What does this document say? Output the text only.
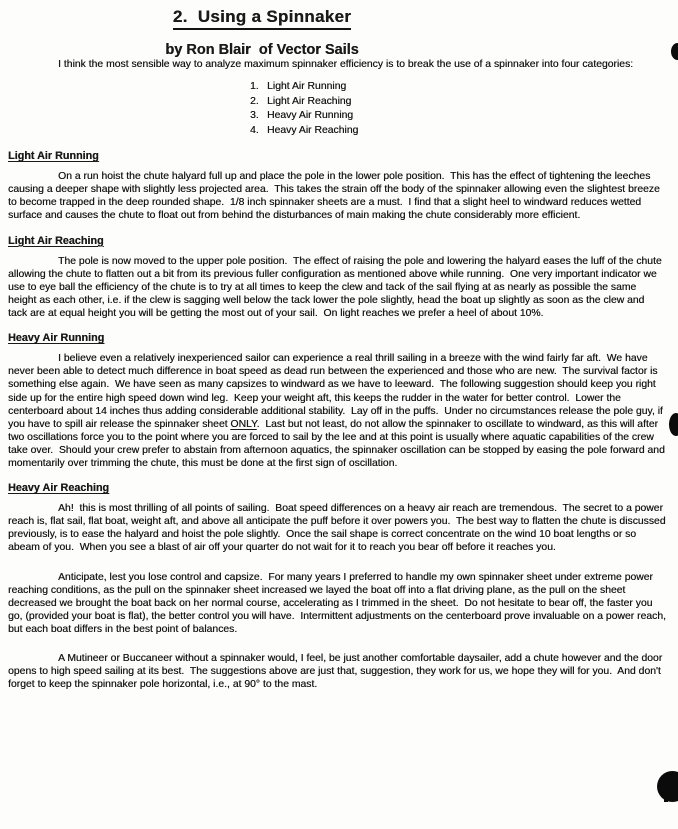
2.  Using a Spinnaker
by Ron Blair  of Vector Sails

I think the most sensible way to analyze maximum spinnaker efficiency is to break the use of a spinnaker into four categories:

1. Light Air Running
2. Light Air Reaching
3. Heavy Air Running
4. Heavy Air Reaching
Light Air Running

On a run hoist the chute halyard full up and place the pole in the lower pole position.  This has the effect of tightening the leeches causing a deeper shape with slightly less projected area.  This takes the strain off the body of the spinnaker allowing even the slightest breeze to become trapped in the deep rounded shape.  1/8 inch spinnaker sheets are a must.  I find that a slight heel to windward reduces wetted surface and causes the chute to float out from behind the disturbances of main making the chute considerably more efficient.

Light Air Reaching

The pole is now moved to the upper pole position.  The effect of raising the pole and lowering the halyard eases the luff of the chute allowing the chute to flatten out a bit from its previous fuller configuration as mentioned above while running.  One very important indicator we use to eye ball the efficiency of the chute is to try at all times to keep the clew and tack of the sail flying at as nearly as possible the same height as each other, i.e. if the clew is sagging well below the tack lower the pole slightly, head the boat up slightly as soon as the clew and tack are at equal height you will be getting the most out of your sail.  On light reaches we prefer a heel of about 10%.

Heavy Air Running

I believe even a relatively inexperienced sailor can experience a real thrill sailing in a breeze with the wind fairly far aft.  We have never been able to detect much difference in boat speed as dead run between the experienced and those who are new.  The survival factor is something else again.  We have seen as many capsizes to windward as we have to leeward.  The following suggestion should keep you right side up for the entire high speed down wind leg.  Keep your weight aft, this keeps the rudder in the water for better control.  Lower the centerboard about 14 inches thus adding considerable additional stability.  Lay off in the puffs.  Under no circumstances release the pole guy, if you have to spill air release the spinnaker sheet ONLY.  Last but not least, do not allow the spinnaker to oscillate to windward, as this will after two oscillations force you to the point where you are forced to sail by the lee and at this point is usually where aquatic capabilities of the crew take over.  Should your crew prefer to abstain from afternoon aquatics, the spinnaker oscillation can be stopped by easing the pole forward and momentarily over trimming the chute, this must be done at the first sign of oscillation.

Heavy Air Reaching

Ah!  this is most thrilling of all points of sailing.  Boat speed differences on a heavy air reach are tremendous.  The secret to a power reach is, flat sail, flat boat, weight aft, and above all anticipate the puff before it over powers you.  The best way to flatten the chute is discussed previously, is to ease the halyard and hoist the pole slightly.  Once the sail shape is correct concentrate on the wind 10 boat lengths or so abeam of you.  When you see a blast of air off your quarter do not wait for it to reach you bear off before it reaches you.

Anticipate, lest you lose control and capsize.  For many years I preferred to handle my own spinnaker sheet under extreme power reaching conditions, as the pull on the spinnaker sheet increased we layed the boat off into a flat driving plane, as the pull on the sheet decreased we brought the boat back on her normal course, accelerating as I trimmed in the sheet.  Do not hesitate to bear off, the faster you go, (provided your boat is flat), the better control you will have.  Intermittent adjustments on the centerboard prove invaluable on a power reach, but each boat differs in the best point of balances.

A Mutineer or Buccaneer without a spinnaker would, I feel, be just another comfortable daysailer, add a chute however and the door opens to high speed sailing at its best.  The suggestions above are just that, suggestion, they work for us, we hope they will for you.  And don't forget to keep the spinnaker pole horizontal, i.e., at 90° to the mast.
